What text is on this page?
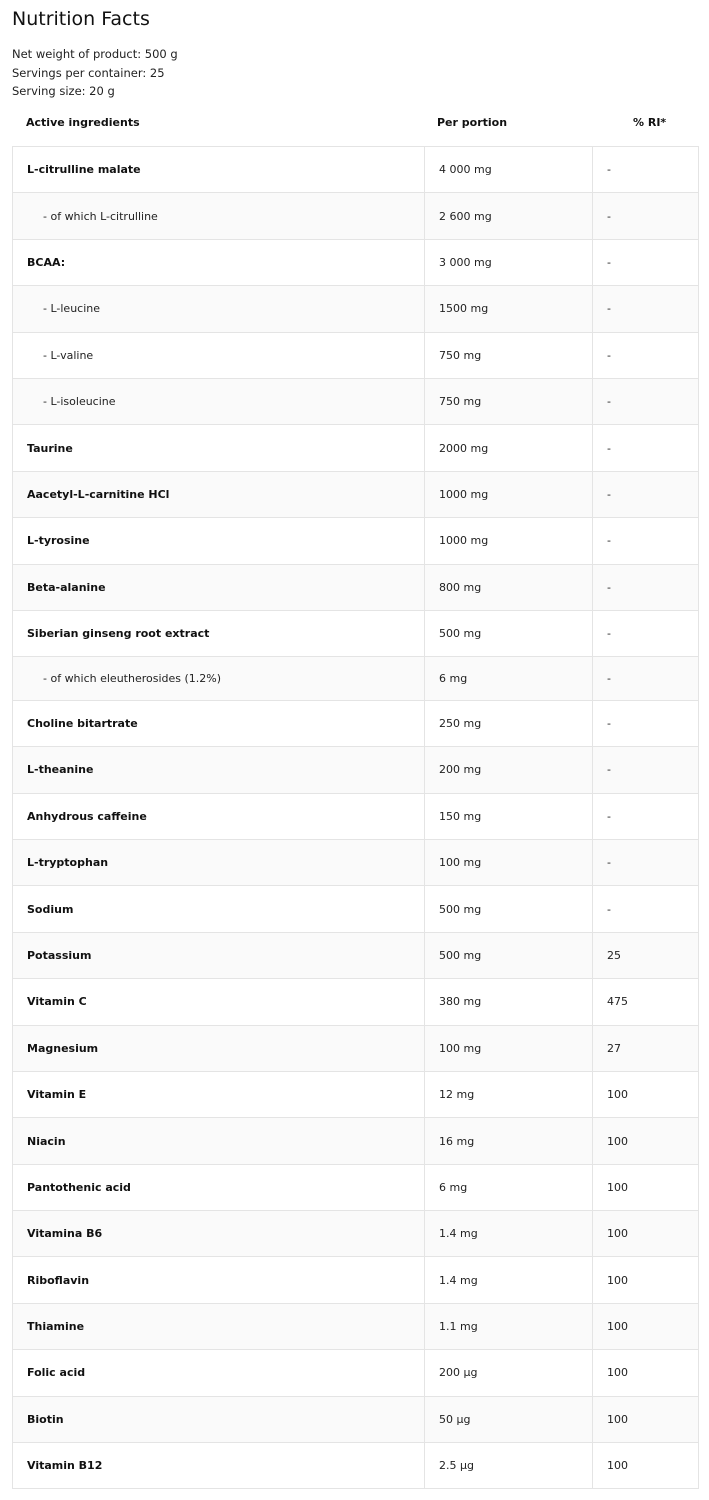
Nutrition Facts
Net weight of product: 500 g
Servings per container: 25
Serving size: 20 g
Active ingredients	Per portion	% RI*
L-citrulline malate	4 000 mg	-
- of which L-citrulline	2 600 mg	-
BCAA:	3 000 mg	-
- L-leucine	1500 mg	-
- L-valine	750 mg	-
- L-isoleucine	750 mg	-
Taurine	2000 mg	-
Aacetyl-L-carnitine HCl	1000 mg	-
L-tyrosine	1000 mg	-
Beta-alanine	800 mg	-
Siberian ginseng root extract	500 mg	-
- of which eleutherosides (1.2%)	6 mg	-
Choline bitartrate	250 mg	-
L-theanine	200 mg	-
Anhydrous caffeine	150 mg	-
L-tryptophan	100 mg	-
Sodium	500 mg	-
Potassium	500 mg	25
Vitamin C	380 mg	475
Magnesium	100 mg	27
Vitamin E	12 mg	100
Niacin	16 mg	100
Pantothenic acid	6 mg	100
Vitamina B6	1.4 mg	100
Riboflavin	1.4 mg	100
Thiamine	1.1 mg	100
Folic acid	200 µg	100
Biotin	50 µg	100
Vitamin B12	2.5 µg	100
